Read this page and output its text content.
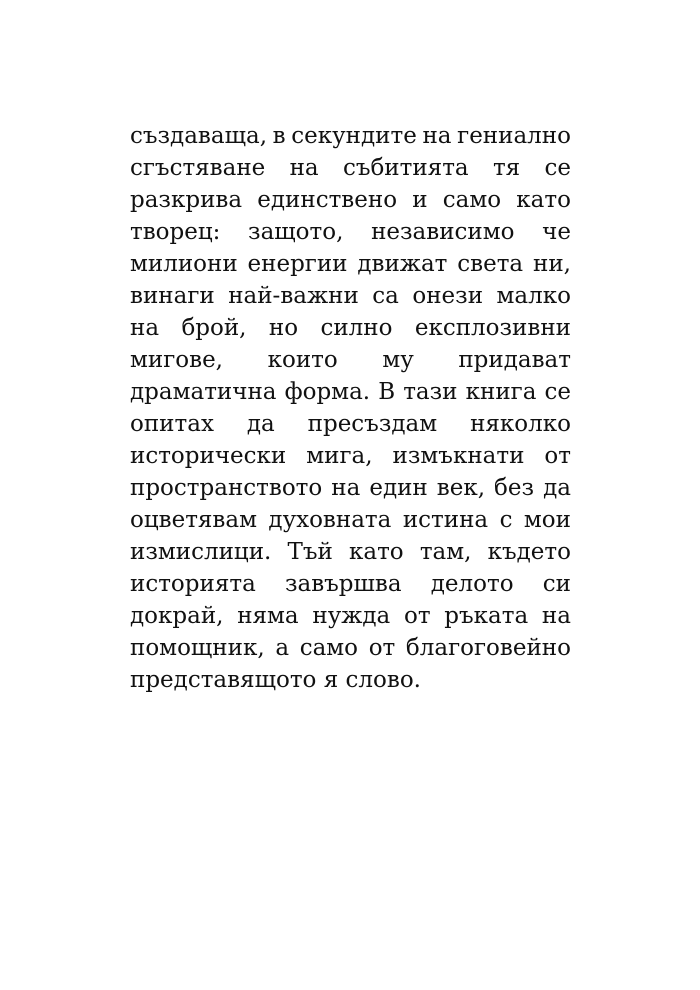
създаваща, в секундите на гениално
сгъстяване на събитията тя се
разкрива единствено и само като
творец: защото, независимо че
милиони енергии движат света ни,
винаги най-важни са онези малко
на брой, но силно експлозивни
мигове, които му придават
драматична форма. В тази книга се
опитах да пресъздам няколко
исторически мига, измъкнати от
пространството на един век, без да
оцветявам духовната истина с мои
измислици. Тъй като там, където
историята завършва делото си
докрай, няма нужда от ръката на
помощник, а само от благоговейно
представящото я слово.
